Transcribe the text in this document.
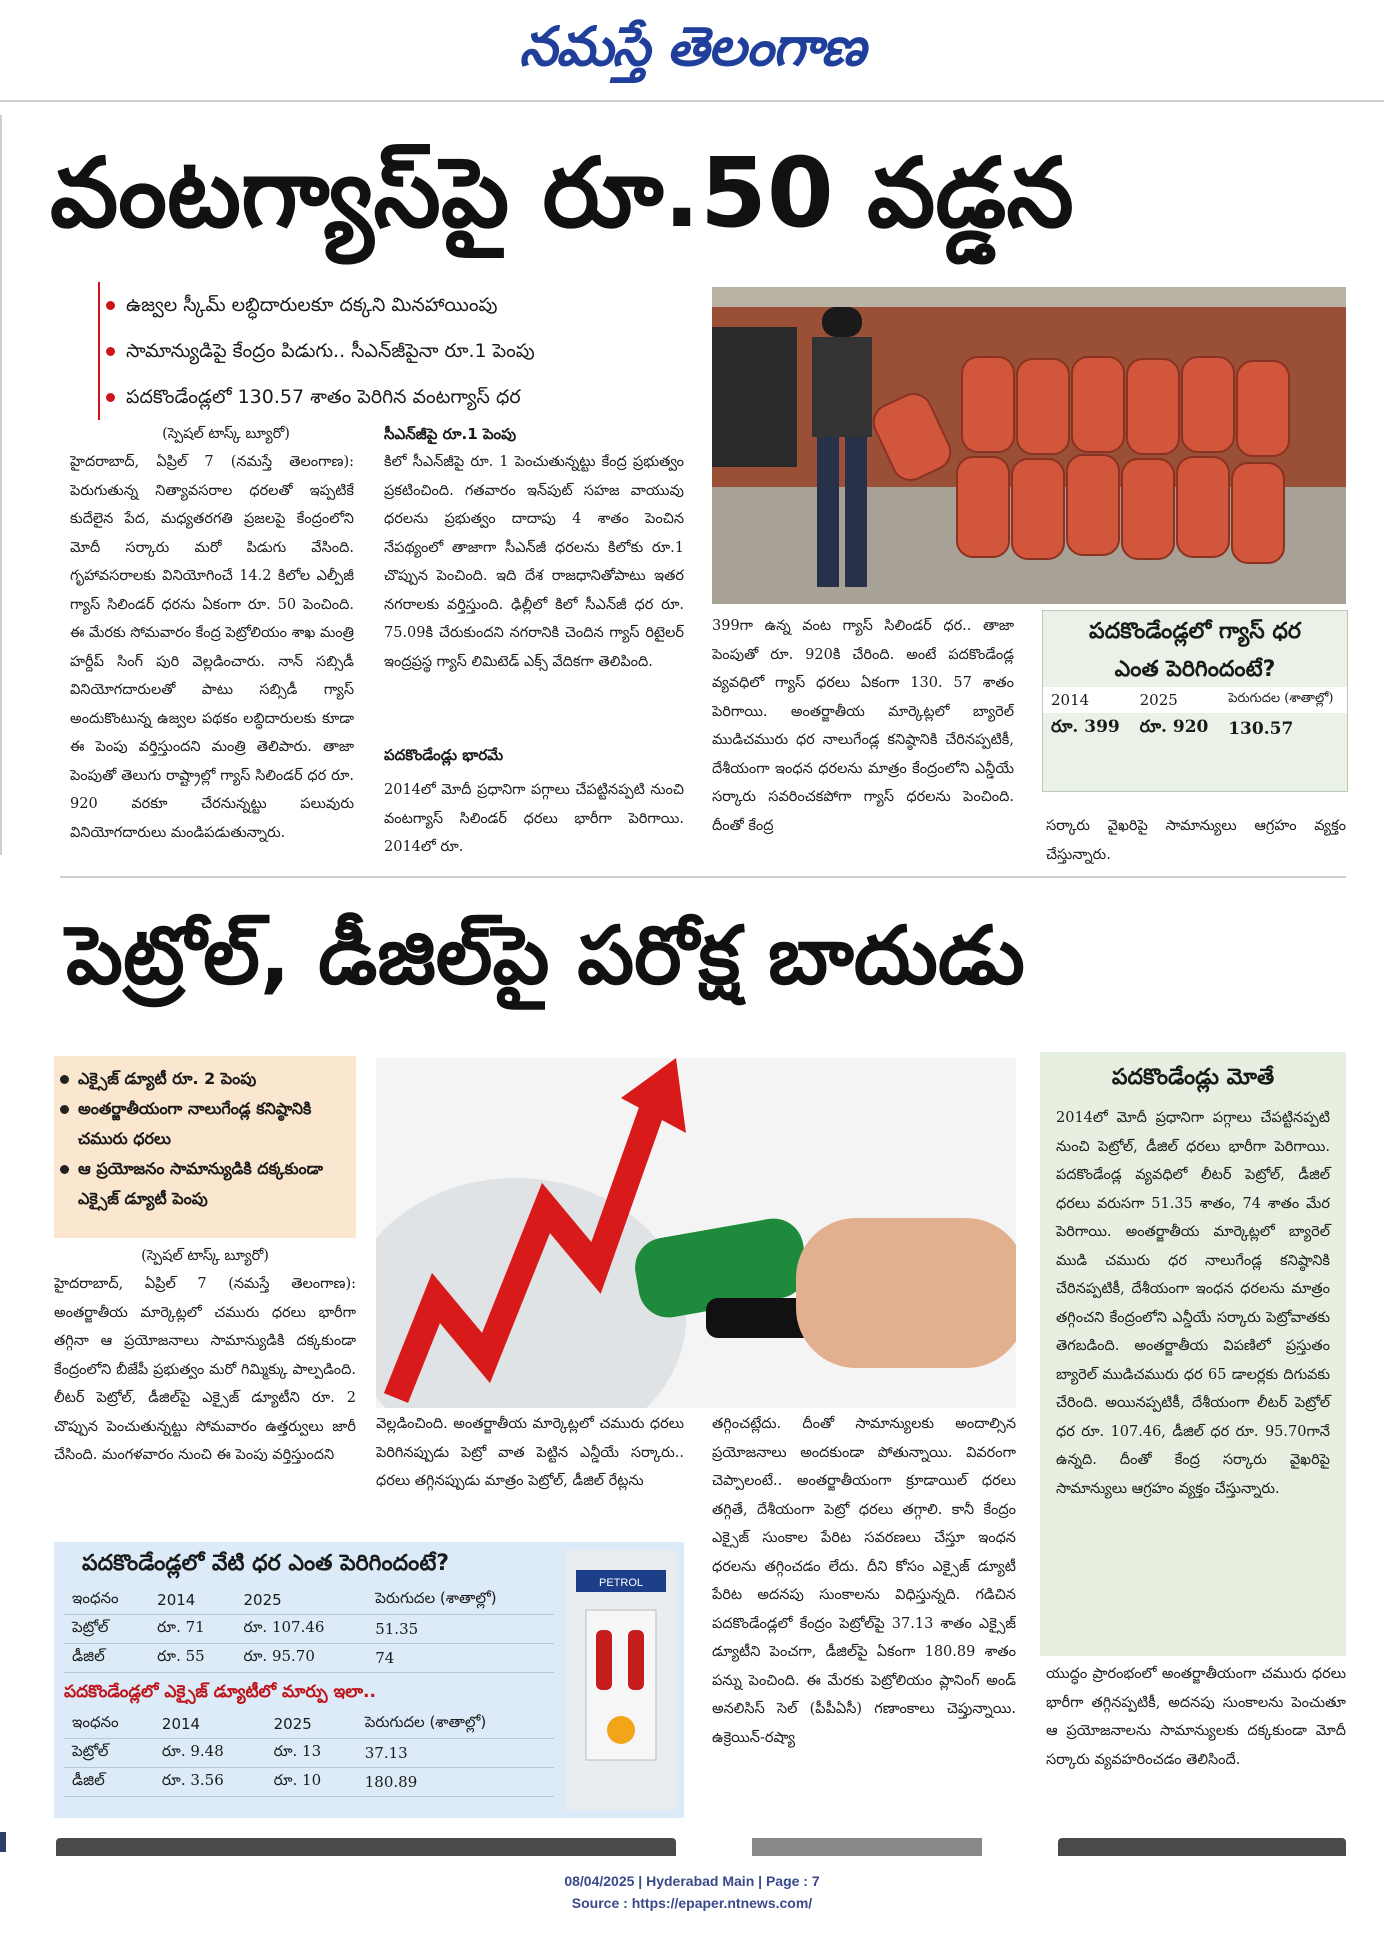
నమస్తే తెలంగాణ
వంటగ్యాస్‌పై రూ.50 వడ్డన
ఉజ్వల స్కీమ్ లబ్ధిదారులకూ దక్కని మినహాయింపు
సామాన్యుడిపై కేంద్రం పిడుగు.. సీఎన్‌జీపైనా రూ.1 పెంపు
పదకొండేండ్లలో 130.57 శాతం పెరిగిన వంటగ్యాస్ ధర
(స్పెషల్ టాస్క్ బ్యూరో)
హైదరాబాద్, ఏప్రిల్ 7 (నమస్తే తెలంగాణ): పెరుగుతున్న నిత్యావసరాల ధరలతో ఇప్పటికే కుదేలైన పేద, మధ్యతరగతి ప్రజలపై కేంద్రంలోని మోదీ సర్కారు మరో పిడుగు వేసింది. గృహావసరాలకు వినియోగించే 14.2 కిలోల ఎల్పీజీ గ్యాస్ సిలిండర్ ధరను ఏకంగా రూ. 50 పెంచింది. ఈ మేరకు సోమవారం కేంద్ర పెట్రోలియం శాఖ మంత్రి హర్దీప్ సింగ్ పురి వెల్లడించారు. నాన్ సబ్సిడీ వినియోగదారులతో పాటు సబ్సిడీ గ్యాస్ అందుకొంటున్న ఉజ్వల పథకం లబ్ధిదారులకు కూడా ఈ పెంపు వర్తిస్తుందని మంత్రి తెలిపారు. తాజా పెంపుతో తెలుగు రాష్ట్రాల్లో గ్యాస్ సిలిండర్ ధర రూ. 920 వరకూ చేరనున్నట్టు పలువురు వినియోగదారులు మండిపడుతున్నారు.
సీఎన్‌జీపై రూ.1 పెంపు
కిలో సీఎన్‌జీపై రూ. 1 పెంచుతున్నట్టు కేంద్ర ప్రభుత్వం ప్రకటించింది. గతవారం ఇన్‌పుట్ సహజ వాయువు ధరలను ప్రభుత్వం దాదాపు 4 శాతం పెంచిన నేపథ్యంలో తాజాగా సీఎన్‌జీ ధరలను కిలోకు రూ.1 చొప్పున పెంచింది. ఇది దేశ రాజధానితోపాటు ఇతర నగరాలకు వర్తిస్తుంది. ఢిల్లీలో కిలో సీఎన్‌జీ ధర రూ. 75.09కి చేరుకుందని నగరానికి చెందిన గ్యాస్ రిటైలర్ ఇంద్రప్రస్థ గ్యాస్ లిమిటెడ్ ఎక్స్ వేదికగా తెలిపింది.
పదకొండేండ్లు భారమే
2014లో మోదీ ప్రధానిగా పగ్గాలు చేపట్టినప్పటి నుంచి వంటగ్యాస్ సిలిండర్ ధరలు భారీగా పెరిగాయి. 2014లో రూ.
399గా ఉన్న వంట గ్యాస్ సిలిండర్ ధర.. తాజా పెంపుతో రూ. 920కి చేరింది. అంటే పదకొండేండ్ల వ్యవధిలో గ్యాస్ ధరలు ఏకంగా 130. 57 శాతం పెరిగాయి. అంతర్జాతీయ మార్కెట్లలో బ్యారెల్ ముడిచమురు ధర నాలుగేండ్ల కనిష్ఠానికి చేరినప్పటికీ, దేశీయంగా ఇంధన ధరలను మాత్రం కేంద్రంలోని ఎన్డీయే సర్కారు సవరించకపోగా గ్యాస్ ధరలను పెంచింది. దీంతో కేంద్ర
పదకొండేండ్లలో గ్యాస్ ధర
ఎంత పెరిగిందంటే?
2014	2025	పెరుగుదల (శాతాల్లో)
రూ. 399	రూ. 920	130.57
సర్కారు వైఖరిపై సామాన్యులు ఆగ్రహం వ్యక్తం చేస్తున్నారు.
పెట్రోల్, డీజిల్‌పై పరోక్ష బాదుడు
ఎక్సైజ్ డ్యూటీ రూ. 2 పెంపు
అంతర్జాతీయంగా నాలుగేండ్ల కనిష్ఠానికి చమురు ధరలు
ఆ ప్రయోజనం సామాన్యుడికి దక్కకుండా ఎక్సైజ్ డ్యూటీ పెంపు
పదకొండేండ్లు మోతే
2014లో మోదీ ప్రధానిగా పగ్గాలు చేపట్టినప్పటి నుంచి పెట్రోల్, డీజిల్ ధరలు భారీగా పెరిగాయి. పదకొండేండ్ల వ్యవధిలో లీటర్ పెట్రోల్, డీజిల్ ధరలు వరుసగా 51.35 శాతం, 74 శాతం మేర పెరిగాయి. అంతర్జాతీయ మార్కెట్లలో బ్యారెల్ ముడి చమురు ధర నాలుగేండ్ల కనిష్ఠానికి చేరినప్పటికీ, దేశీయంగా ఇంధన ధరలను మాత్రం తగ్గించని కేంద్రంలోని ఎన్డీయే సర్కారు పెట్రోవాతకు తెగబడింది. అంతర్జాతీయ విపణిలో ప్రస్తుతం బ్యారెల్ ముడిచమురు ధర 65 డాలర్లకు దిగువకు చేరింది. అయినప్పటికీ, దేశీయంగా లీటర్ పెట్రోల్ ధర రూ. 107.46, డీజిల్ ధర రూ. 95.70గానే ఉన్నది. దీంతో కేంద్ర సర్కారు వైఖరిపై సామాన్యులు ఆగ్రహం వ్యక్తం చేస్తున్నారు.
(స్పెషల్ టాస్క్ బ్యూరో)
హైదరాబాద్, ఏప్రిల్ 7 (నమస్తే తెలంగాణ): అంతర్జాతీయ మార్కెట్లలో చమురు ధరలు భారీగా తగ్గినా ఆ ప్రయోజనాలు సామాన్యుడికి దక్కకుండా కేంద్రంలోని బీజేపీ ప్రభుత్వం మరో గిమ్మిక్కు పాల్పడింది. లీటర్ పెట్రోల్, డీజిల్‌పై ఎక్సైజ్ డ్యూటీని రూ. 2 చొప్పున పెంచుతున్నట్టు సోమవారం ఉత్తర్వులు జారీ చేసింది. మంగళవారం నుంచి ఈ పెంపు వర్తిస్తుందని
వెల్లడించింది. అంతర్జాతీయ మార్కెట్లలో చమురు ధరలు పెరిగినప్పుడు పెట్రో వాత పెట్టిన ఎన్డీయే సర్కారు.. ధరలు తగ్గినప్పుడు మాత్రం పెట్రోల్, డీజిల్ రేట్లను
తగ్గించట్లేదు. దీంతో సామాన్యులకు అందాల్సిన ప్రయోజనాలు అందకుండా పోతున్నాయి. వివరంగా చెప్పాలంటే.. అంతర్జాతీయంగా క్రూడాయిల్ ధరలు తగ్గితే, దేశీయంగా పెట్రో ధరలు తగ్గాలి. కానీ కేంద్రం ఎక్సైజ్ సుంకాల పేరిట సవరణలు చేస్తూ ఇంధన ధరలను తగ్గించడం లేదు. దీని కోసం ఎక్సైజ్ డ్యూటీ పేరిట అదనపు సుంకాలను విధిస్తున్నది. గడిచిన పదకొండేండ్లలో కేంద్రం పెట్రోల్‌పై 37.13 శాతం ఎక్సైజ్ డ్యూటీని పెంచగా, డీజిల్‌పై ఏకంగా 180.89 శాతం పన్ను పెంచింది. ఈ మేరకు పెట్రోలియం ప్లానింగ్ అండ్ అనలిసిస్ సెల్ (పీపీఏసీ) గణాంకాలు చెప్తున్నాయి. ఉక్రెయిన్-రష్యా
యుద్ధం ప్రారంభంలో అంతర్జాతీయంగా చమురు ధరలు భారీగా తగ్గినప్పటికీ, అదనపు సుంకాలను పెంచుతూ ఆ ప్రయోజనాలను సామాన్యులకు దక్కకుండా మోదీ సర్కారు వ్యవహరించడం తెలిసిందే.
పదకొండేండ్లలో వేటి ధర ఎంత పెరిగిందంటే?
ఇంధనం	2014	2025	పెరుగుదల (శాతాల్లో)
పెట్రోల్	రూ. 71	రూ. 107.46	51.35
డీజిల్	రూ. 55	రూ. 95.70	74
పదకొండేండ్లలో ఎక్సైజ్ డ్యూటీలో మార్పు ఇలా..
ఇంధనం	2014	2025	పెరుగుదల (శాతాల్లో)
పెట్రోల్	రూ. 9.48	రూ. 13	37.13
డీజిల్	రూ. 3.56	రూ. 10	180.89
PETROL
08/04/2025 | Hyderabad Main | Page : 7
Source : https://epaper.ntnews.com/
